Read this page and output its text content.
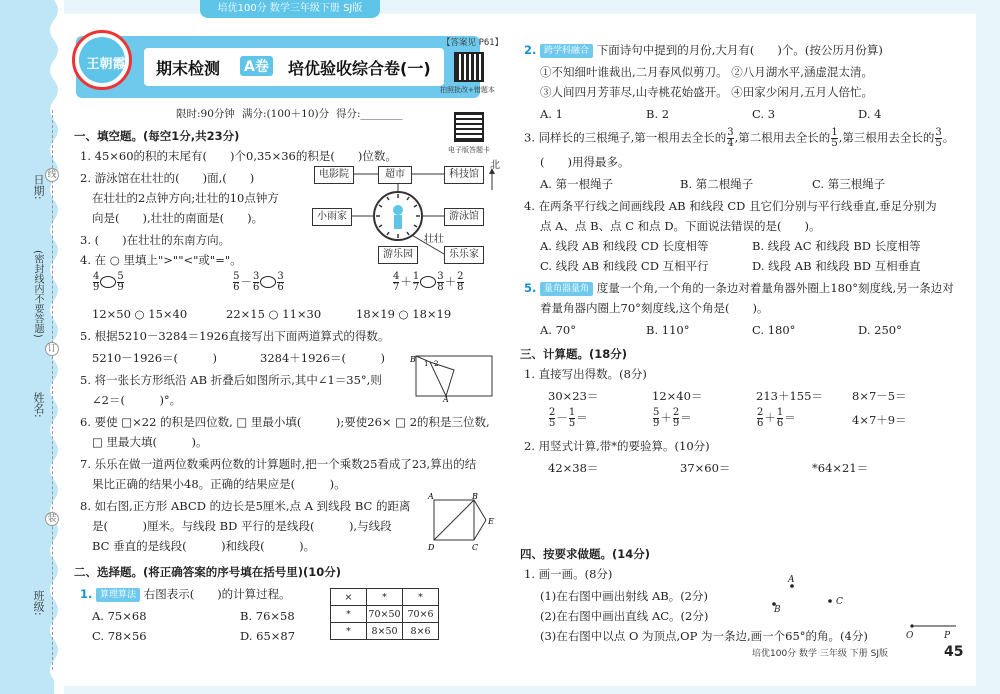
培优100分 数学三年级下册 SJ版
日期:
(密封线内不要答题)
姓名:
班级:
线
订
装
期末检测 A卷 培优验收综合卷(一)
王朝霞
【答案见 P61】
拍照批改+错题本
电子版答题卡
限时:90分钟 满分:(100＋10)分 得分:________
一、填空题。(每空1分,共23分)
1. 45×60的积的末尾有(　　)个0,35×36的积是(　　)位数。
2. 游泳馆在壮壮的(　　)面,(　　)
在壮壮的2点钟方向;壮壮的10点钟方
向是(　　),壮壮的南面是(　　)。
3. (　　)在壮壮的东南方向。
电影院	超市	科技馆
小雨家	游泳馆
游乐园	乐乐家
壮壮
北
4. 在 ○ 里填上">""<"或"="。
$\frac{4}{9} \frac{5}{9}$
	$\frac{5}{6} - \frac{3}{6} \frac{3}{6}$
	$\frac{4}{7} + \frac{1}{7} \frac{3}{8} + \frac{2}{8}$
12×50 ○ 15×40	22×15 ○ 11×30	18×19 ○ 18×19
5. 根据5210－3284＝1926直接写出下面两道算式的得数。
5210－1926＝(　　　)	3284＋1926＝(　　　)	B 1 2
A
5. 将一张长方形纸沿 AB 折叠后如图所示,其中∠1＝35°,则
∠2＝(　　　)°。
6. 要使 □×22 的积是四位数, □ 里最小填(　　　);要使26× □ 2的积是三位数,
□ 里最大填(　　　)。
7. 乐乐在做一道两位数乘两位数的计算题时,把一个乘数25看成了23,算出的结
果比正确的结果小48。正确的结果应是(　　　)。
8. 如右图,正方形 ABCD 的边长是5厘米,点 A 到线段 BC 的距离
是(　　　)厘米。与线段 BD 平行的是线段(　　　),与线段
BC 垂直的是线段(　　　)和线段(　　　)。
A	B
E
C
D
二、选择题。(将正确答案的序号填在括号里)(10分)
1. 算理算法 右图表示(　　)的计算过程。
A. 75×68	B. 76×58
C. 78×56	D. 65×87
×	*	*
*	70×50	70×6
*	8×50	8×6
2. 跨学科融合 下面诗句中提到的月份,大月有(　　)个。(按公历月份算)
①不知细叶谁裁出,二月春风似剪刀。 ②八月湖水平,涵虚混太清。
③人间四月芳菲尽,山寺桃花始盛开。 ④田家少闲月,五月人倍忙。
A. 1	B. 2	C. 3	D. 4
3. 同样长的三根绳子,第一根用去全长的 $\frac{3}{4}$ ,第二根用去全长的 $\frac{1}{5}$ ,第三根用去全长的 $\frac{3}{5}$ 。
(　　)用得最多。
A. 第一根绳子	B. 第二根绳子	C. 第三根绳子
4. 在两条平行线之间画线段 AB 和线段 CD 且它们分别与平行线垂直,垂足分别为
点 A、点 B、点 C 和点 D。下面说法错误的是(　　)。
A. 线段 AB 和线段 CD 长度相等	B. 线段 AC 和线段 BD 长度相等
C. 线段 AB 和线段 CD 互相平行	D. 线段 AB 和线段 BD 互相垂直
5. 量角器量角 度量一个角,一个角的一条边对着量角器外圈上180°刻度线,另一条边对
着量角器内圈上70°刻度线,这个角是(　　)。
A. 70°	B. 110°	C. 180°	D. 250°
三、计算题。(18分)
1. 直接写出得数。(8分)
30×23＝	12×40＝	213＋155＝	8×7－5＝
$\frac{2}{5} - \frac{1}{5}$ ＝	$\frac{5}{9} + \frac{2}{9}$ ＝	$\frac{2}{6} + \frac{1}{6}$ ＝	4×7＋9＝
2. 用竖式计算,带*的要验算。(10分)
42×38＝	37×60＝	*64×21＝
四、按要求做题。(14分)
1. 画一画。(8分)
(1)在右图中画出射线 AB。(2分)
(2)在右图中画出直线 AC。(2分)
(3)在右图中以点 O 为顶点,OP 为一条边,画一个65°的角。(4分)
A
B
C
O	P
培优100分 数学 三年级 下册 SJ版	45
